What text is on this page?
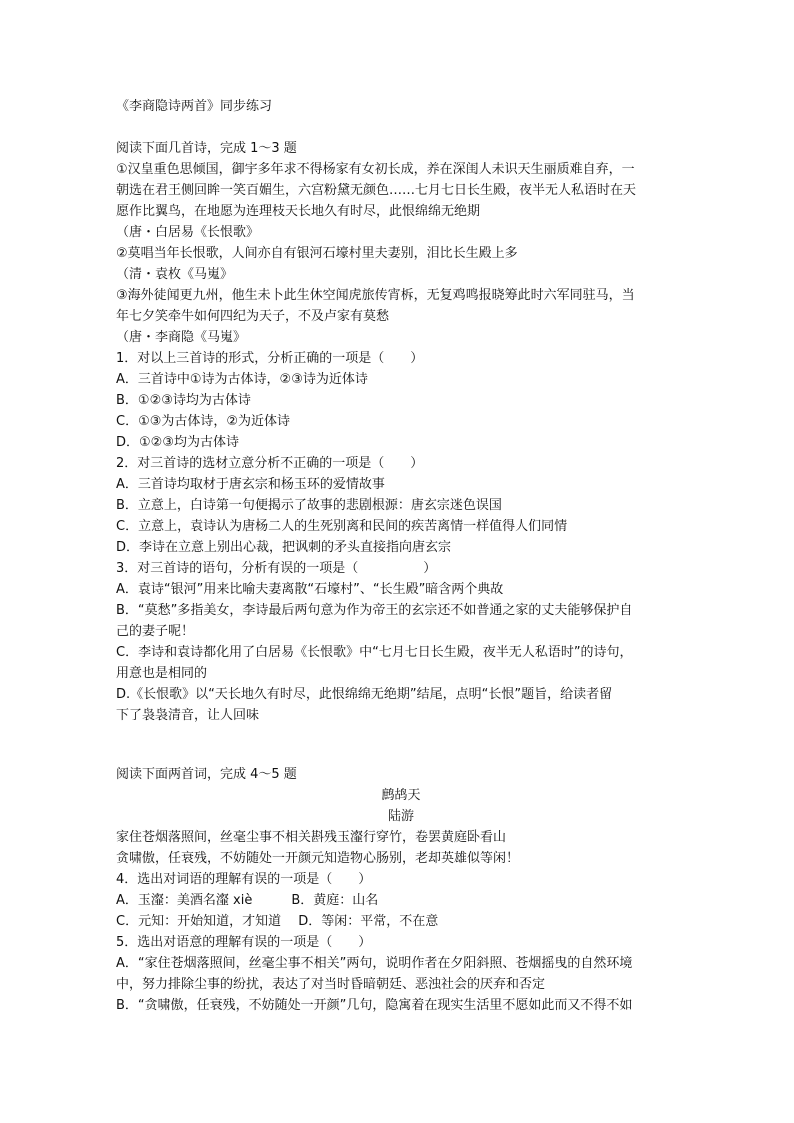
《李商隐诗两首》同步练习
阅读下面几首诗，完成 1～3 题
①汉皇重色思倾国，御宇多年求不得杨家有女初长成，养在深闺人未识天生丽质难自弃，一
朝选在君王侧回眸一笑百媚生，六宫粉黛无颜色……七月七日长生殿，夜半无人私语时在天
愿作比翼鸟，在地愿为连理枝天长地久有时尽，此恨绵绵无绝期
（唐・白居易《长恨歌》
②莫唱当年长恨歌，人间亦自有银河石壕村里夫妻别，泪比长生殿上多
（清・袁枚《马嵬》
③海外徒闻更九州，他生未卜此生休空闻虎旅传宵柝，无复鸡鸣报晓筹此时六军同驻马，当
年七夕笑牵牛如何四纪为天子，不及卢家有莫愁
（唐・李商隐《马嵬》
1．对以上三首诗的形式，分析正确的一项是（　　）
A．三首诗中①诗为古体诗，②③诗为近体诗
B．①②③诗均为古体诗
C．①③为古体诗，②为近体诗
D．①②③均为古体诗
2．对三首诗的选材立意分析不正确的一项是（　　）
A．三首诗均取材于唐玄宗和杨玉环的爱情故事
B．立意上，白诗第一句便揭示了故事的悲剧根源：唐玄宗迷色误国
C．立意上，袁诗认为唐杨二人的生死别离和民间的疾苦离情一样值得人们同情
D．李诗在立意上别出心裁，把讽刺的矛头直接指向唐玄宗
3．对三首诗的语句，分析有误的一项是（　　　　　）
A．袁诗“银河”用来比喻夫妻离散“石壕村”、“长生殿”暗含两个典故
B．“莫愁”多指美女，李诗最后两句意为作为帝王的玄宗还不如普通之家的丈夫能够保护自
己的妻子呢！
C．李诗和袁诗都化用了白居易《长恨歌》中“七月七日长生殿，夜半无人私语时”的诗句，
用意也是相同的
D.《长恨歌》以“天长地久有时尽，此恨绵绵无绝期”结尾，点明“长恨”题旨，给读者留
下了袅袅清音，让人回味
阅读下面两首词，完成 4～5 题
鹧鸪天
陆游
家住苍烟落照间，丝毫尘事不相关斟残玉瀣行穿竹，卷罢黄庭卧看山
贪啸傲，任衰残，不妨随处一开颜元知造物心肠别，老却英雄似等闲！
4．选出对词语的理解有误的一项是（　　）
A．玉瀣：美酒名瀣 xiè　　　B．黄庭：山名
C．元知：开始知道，才知道　 D．等闲：平常，不在意
5．选出对语意的理解有误的一项是（　　）
A．“家住苍烟落照间，丝毫尘事不相关”两句，说明作者在夕阳斜照、苍烟摇曳的自然环境
中，努力排除尘事的纷扰，表达了对当时昏暗朝廷、恶浊社会的厌弃和否定
B．“贪啸傲，任衰残，不妨随处一开颜”几句，隐寓着在现实生活里不愿如此而又不得不如
